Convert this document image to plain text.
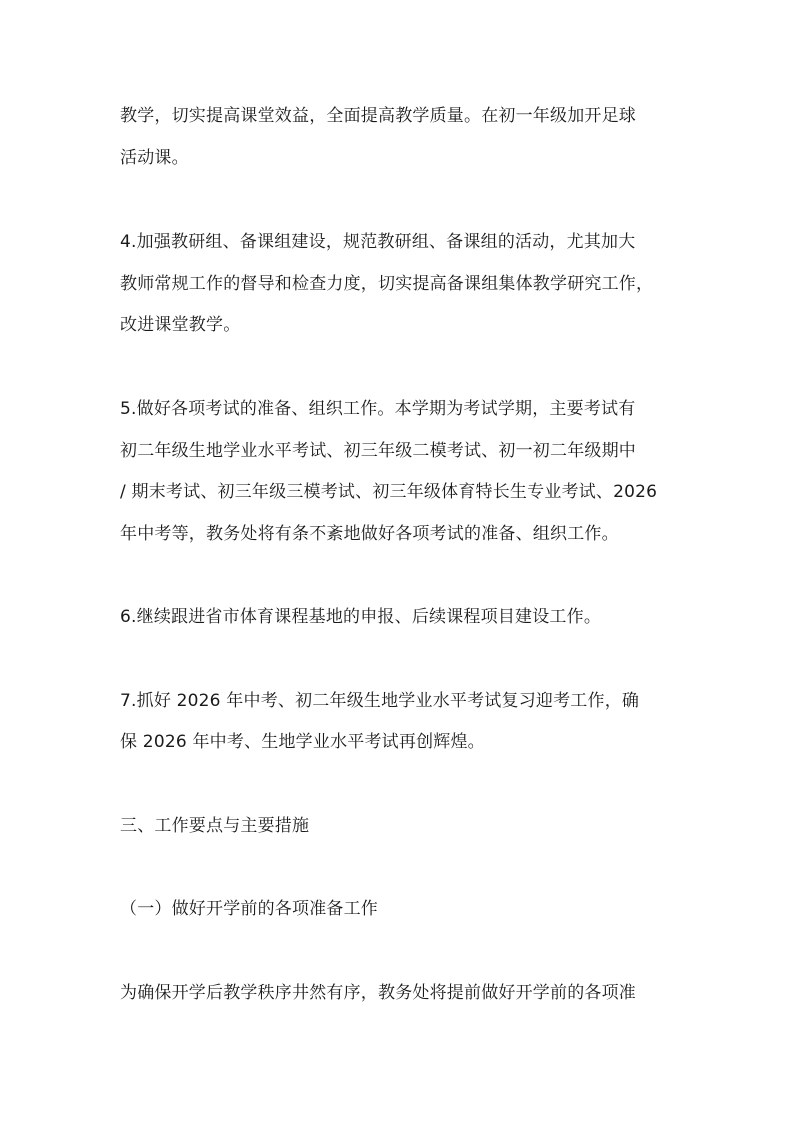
教学，切实提高课堂效益，全面提高教学质量。在初一年级加开足球
活动课。
4.加强教研组、备课组建设，规范教研组、备课组的活动，尤其加大
教师常规工作的督导和检查力度，切实提高备课组集体教学研究工作，
改进课堂教学。
5.做好各项考试的准备、组织工作。本学期为考试学期，主要考试有
初二年级生地学业水平考试、初三年级二模考试、初一初二年级期中
/ 期末考试、初三年级三模考试、初三年级体育特长生专业考试、2026
年中考等，教务处将有条不紊地做好各项考试的准备、组织工作。
6.继续跟进省市体育课程基地的申报、后续课程项目建设工作。
7.抓好 2026 年中考、初二年级生地学业水平考试复习迎考工作，确
保 2026 年中考、生地学业水平考试再创辉煌。
三、工作要点与主要措施
（一）做好开学前的各项准备工作
为确保开学后教学秩序井然有序，教务处将提前做好开学前的各项准
